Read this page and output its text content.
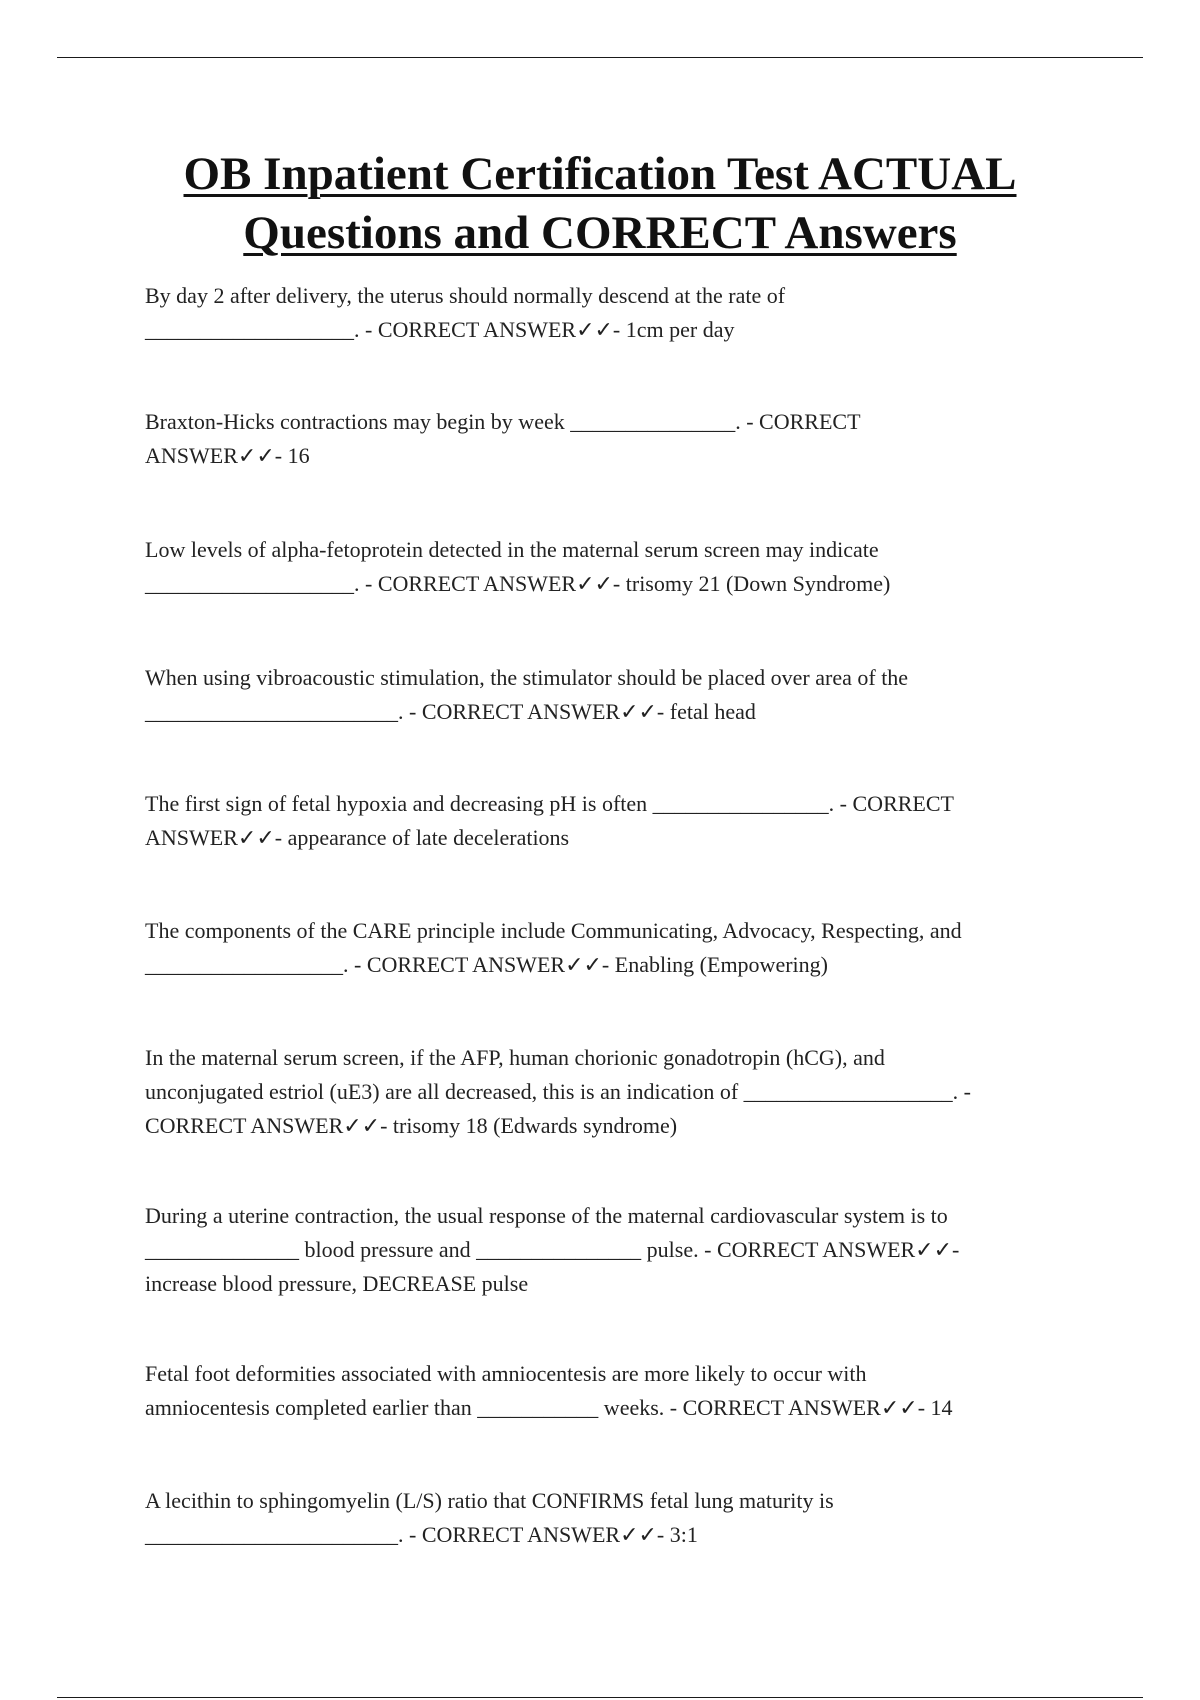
OB Inpatient Certification Test ACTUAL
Questions and CORRECT Answers
By day 2 after delivery, the uterus should normally descend at the rate of
___________________. - CORRECT ANSWER✓✓- 1cm per day
Braxton-Hicks contractions may begin by week _______________. - CORRECT
ANSWER✓✓- 16
Low levels of alpha-fetoprotein detected in the maternal serum screen may indicate
___________________. - CORRECT ANSWER✓✓- trisomy 21 (Down Syndrome)
When using vibroacoustic stimulation, the stimulator should be placed over area of the
_______________________. - CORRECT ANSWER✓✓- fetal head
The first sign of fetal hypoxia and decreasing pH is often ________________. - CORRECT
ANSWER✓✓- appearance of late decelerations
The components of the CARE principle include Communicating, Advocacy, Respecting, and
__________________. - CORRECT ANSWER✓✓- Enabling (Empowering)
In the maternal serum screen, if the AFP, human chorionic gonadotropin (hCG), and
unconjugated estriol (uE3) are all decreased, this is an indication of ___________________. -
CORRECT ANSWER✓✓- trisomy 18 (Edwards syndrome)
During a uterine contraction, the usual response of the maternal cardiovascular system is to
______________ blood pressure and _______________ pulse. - CORRECT ANSWER✓✓-
increase blood pressure, DECREASE pulse
Fetal foot deformities associated with amniocentesis are more likely to occur with
amniocentesis completed earlier than ___________ weeks. - CORRECT ANSWER✓✓- 14
A lecithin to sphingomyelin (L/S) ratio that CONFIRMS fetal lung maturity is
_______________________. - CORRECT ANSWER✓✓- 3:1
